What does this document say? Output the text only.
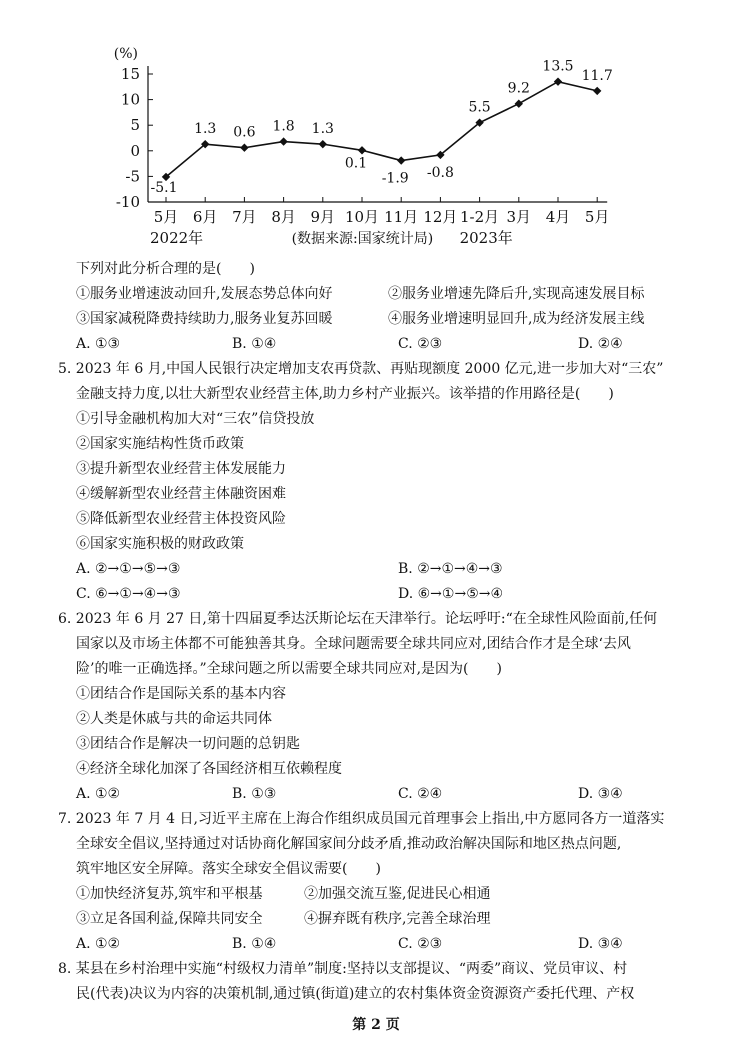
15
10
5
0
-5
-10
(%)
5月 6月 7月 8月 9月 10月 11月 12月 1-2月 3月 4月 5月
2022年	2023年
(数据来源:国家统计局)
-5.1
1.3 0.6 1.8 1.3
0.1
-1.9 -0.8
5.5
9.2
13.5
11.7
下列对此分析合理的是(　　)
①服务业增速波动回升,发展态势总体向好	②服务业增速先降后升,实现高速发展目标
③国家减税降费持续助力,服务业复苏回暖	④服务业增速明显回升,成为经济发展主线
A. ①③	B. ①④	C. ②③	D. ②④
5. 2023 年 6 月,中国人民银行决定增加支农再贷款、再贴现额度 2000 亿元,进一步加大对“三农”
金融支持力度,以壮大新型农业经营主体,助力乡村产业振兴。该举措的作用路径是(　　)
①引导金融机构加大对“三农”信贷投放
②国家实施结构性货币政策
③提升新型农业经营主体发展能力
④缓解新型农业经营主体融资困难
⑤降低新型农业经营主体投资风险
⑥国家实施积极的财政政策
A. ②→①→⑤→③	B. ②→①→④→③
C. ⑥→①→④→③	D. ⑥→①→⑤→④
6. 2023 年 6 月 27 日,第十四届夏季达沃斯论坛在天津举行。论坛呼吁:“在全球性风险面前,任何
国家以及市场主体都不可能独善其身。全球问题需要全球共同应对,团结合作才是全球‘去风
险’的唯一正确选择。”全球问题之所以需要全球共同应对,是因为(　　)
①团结合作是国际关系的基本内容
②人类是休戚与共的命运共同体
③团结合作是解决一切问题的总钥匙
④经济全球化加深了各国经济相互依赖程度
A. ①②	B. ①③	C. ②④	D. ③④
7. 2023 年 7 月 4 日,习近平主席在上海合作组织成员国元首理事会上指出,中方愿同各方一道落实
全球安全倡议,坚持通过对话协商化解国家间分歧矛盾,推动政治解决国际和地区热点问题,
筑牢地区安全屏障。落实全球安全倡议需要(　　)
①加快经济复苏,筑牢和平根基	②加强交流互鉴,促进民心相通
③立足各国利益,保障共同安全	④摒弃既有秩序,完善全球治理
A. ①②	B. ①④	C. ②③	D. ③④
8. 某县在乡村治理中实施“村级权力清单”制度:坚持以支部提议、“两委”商议、党员审议、村
民(代表)决议为内容的决策机制,通过镇(街道)建立的农村集体资金资源资产委托代理、产权
第 2 页
